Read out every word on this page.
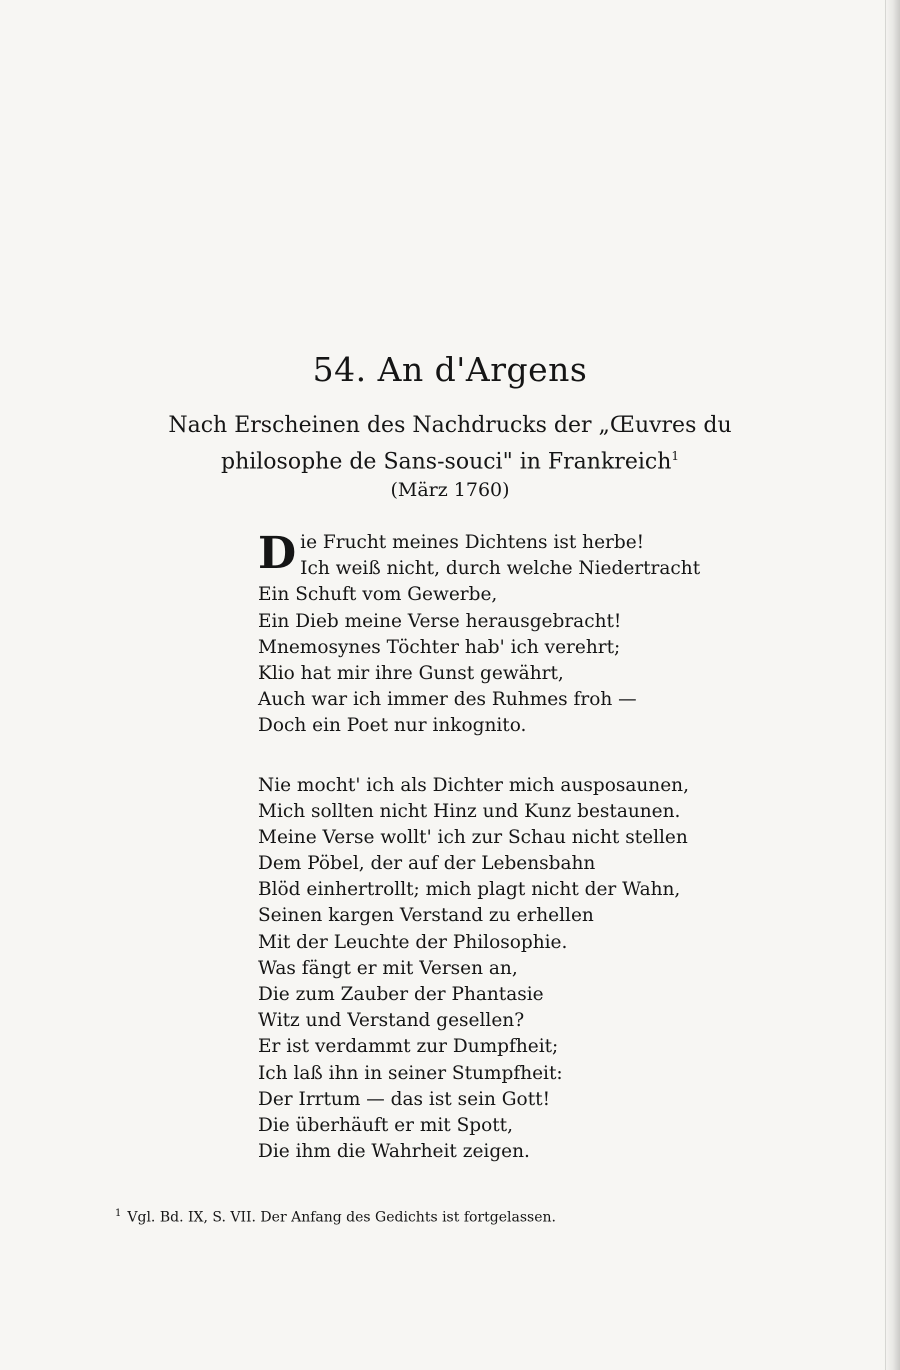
54. An d'Argens

Nach Erscheinen des Nachdrucks der „Œuvres du philosophe de Sans-souci" in Frankreich$^1$

(März 1760)

D ie Frucht meines Dichtens ist herbe!
Ich weiß nicht, durch welche Niedertracht
Ein Schuft vom Gewerbe,
Ein Dieb meine Verse herausgebracht!
Mnemosynes Töchter hab' ich verehrt;
Klio hat mir ihre Gunst gewährt,
Auch war ich immer des Ruhmes froh —
Doch ein Poet nur inkognito.
Nie mocht' ich als Dichter mich ausposaunen,
Mich sollten nicht Hinz und Kunz bestaunen.
Meine Verse wollt' ich zur Schau nicht stellen
Dem Pöbel, der auf der Lebensbahn
Blöd einhertrollt; mich plagt nicht der Wahn,
Seinen kargen Verstand zu erhellen
Mit der Leuchte der Philosophie.
Was fängt er mit Versen an,
Die zum Zauber der Phantasie
Witz und Verstand gesellen?
Er ist verdammt zur Dumpfheit;
Ich laß ihn in seiner Stumpfheit:
Der Irrtum — das ist sein Gott!
Die überhäuft er mit Spott,
Die ihm die Wahrheit zeigen.

$^1$ Vgl. Bd. IX, S. VII. Der Anfang des Gedichts ist fortgelassen.
